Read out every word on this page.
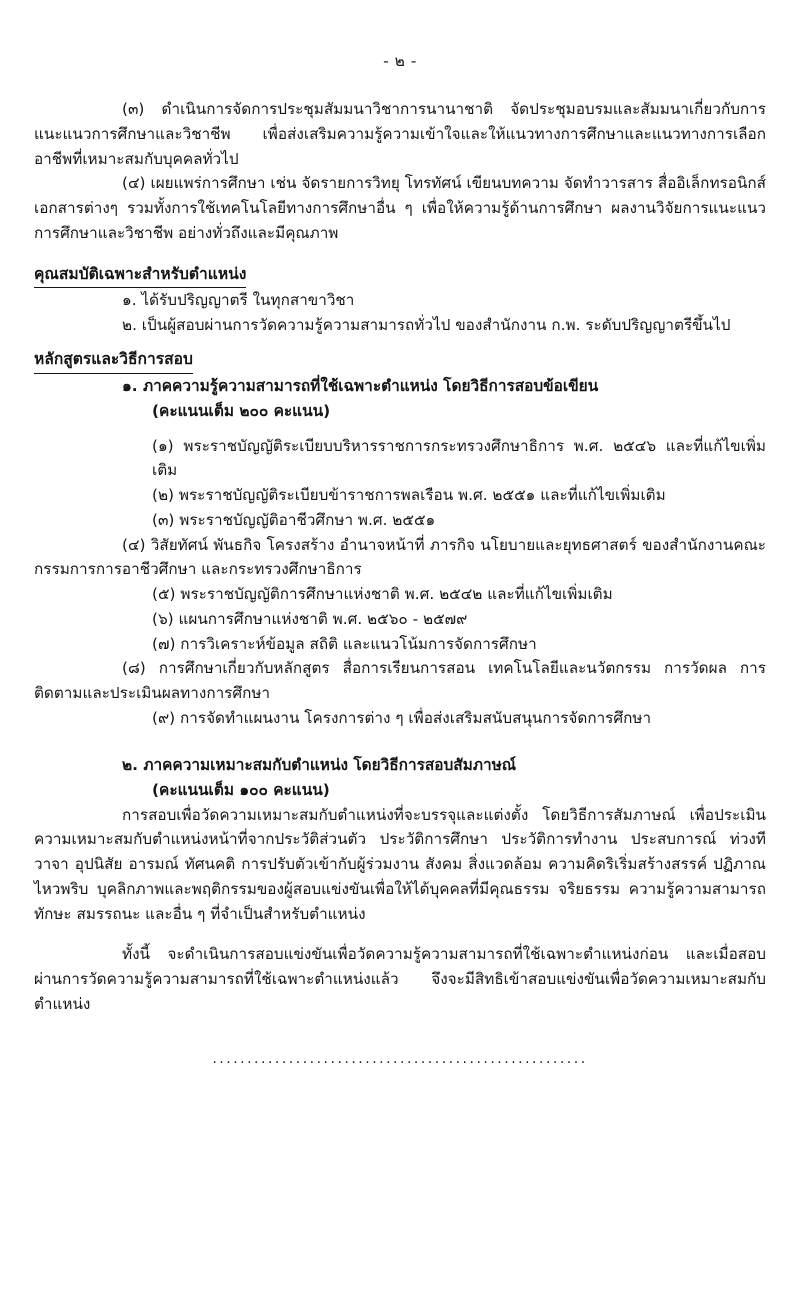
- ๒ -

(๓) ดำเนินการจัดการประชุมสัมมนาวิชาการนานาชาติ จัดประชุมอบรมและสัมมนาเกี่ยวกับการแนะแนวการศึกษาและวิชาชีพ เพื่อส่งเสริมความรู้ความเข้าใจและให้แนวทางการศึกษาและแนวทางการเลือกอาชีพที่เหมาะสมกับบุคคลทั่วไป

(๔) เผยแพร่การศึกษา เช่น จัดรายการวิทยุ โทรทัศน์ เขียนบทความ จัดทำวารสาร สื่ออิเล็กทรอนิกส์ เอกสารต่างๆ รวมทั้งการใช้เทคโนโลยีทางการศึกษาอื่น ๆ เพื่อให้ความรู้ด้านการศึกษา ผลงานวิจัยการแนะแนวการศึกษาและวิชาชีพ อย่างทั่วถึงและมีคุณภาพ

คุณสมบัติเฉพาะสำหรับตำแหน่ง

๑. ได้รับปริญญาตรี ในทุกสาขาวิชา

๒. เป็นผู้สอบผ่านการวัดความรู้ความสามารถทั่วไป ของสำนักงาน ก.พ. ระดับปริญญาตรีขึ้นไป

หลักสูตรและวิธีการสอบ

๑. ภาคความรู้ความสามารถที่ใช้เฉพาะตำแหน่ง โดยวิธีการสอบข้อเขียน

(คะแนนเต็ม ๒๐๐ คะแนน)

(๑) พระราชบัญญัติระเบียบบริหารราชการกระทรวงศึกษาธิการ พ.ศ. ๒๕๔๖ และที่แก้ไขเพิ่มเติม

(๒) พระราชบัญญัติระเบียบข้าราชการพลเรือน พ.ศ. ๒๕๕๑ และที่แก้ไขเพิ่มเติม

(๓) พระราชบัญญัติอาชีวศึกษา พ.ศ. ๒๕๕๑

(๔) วิสัยทัศน์ พันธกิจ โครงสร้าง อำนาจหน้าที่ ภารกิจ นโยบายและยุทธศาสตร์ ของสำนักงานคณะกรรมการการอาชีวศึกษา และกระทรวงศึกษาธิการ

(๕) พระราชบัญญัติการศึกษาแห่งชาติ พ.ศ. ๒๕๔๒ และที่แก้ไขเพิ่มเติม

(๖) แผนการศึกษาแห่งชาติ พ.ศ. ๒๕๖๐ - ๒๕๗๙

(๗) การวิเคราะห์ข้อมูล สถิติ และแนวโน้มการจัดการศึกษา

(๘) การศึกษาเกี่ยวกับหลักสูตร สื่อการเรียนการสอน เทคโนโลยีและนวัตกรรม การวัดผล การติดตามและประเมินผลทางการศึกษา

(๙) การจัดทำแผนงาน โครงการต่าง ๆ เพื่อส่งเสริมสนับสนุนการจัดการศึกษา

๒. ภาคความเหมาะสมกับตำแหน่ง โดยวิธีการสอบสัมภาษณ์

(คะแนนเต็ม ๑๐๐ คะแนน)

การสอบเพื่อวัดความเหมาะสมกับตำแหน่งที่จะบรรจุและแต่งตั้ง โดยวิธีการสัมภาษณ์ เพื่อประเมินความเหมาะสมกับตำแหน่งหน้าที่จากประวัติส่วนตัว ประวัติการศึกษา ประวัติการทำงาน ประสบการณ์ ท่วงทีวาจา อุปนิสัย อารมณ์ ทัศนคติ การปรับตัวเข้ากับผู้ร่วมงาน สังคม สิ่งแวดล้อม ความคิดริเริ่มสร้างสรรค์ ปฏิภาณไหวพริบ บุคลิกภาพและพฤติกรรมของผู้สอบแข่งขันเพื่อให้ได้บุคคลที่มีคุณธรรม จริยธรรม ความรู้ความสามารถ ทักษะ สมรรถนะ และอื่น ๆ ที่จำเป็นสำหรับตำแหน่ง

ทั้งนี้ จะดำเนินการสอบแข่งขันเพื่อวัดความรู้ความสามารถที่ใช้เฉพาะตำแหน่งก่อน และเมื่อสอบผ่านการวัดความรู้ความสามารถที่ใช้เฉพาะตำแหน่งแล้ว จึงจะมีสิทธิเข้าสอบแข่งขันเพื่อวัดความเหมาะสมกับตำแหน่ง

......................................................
